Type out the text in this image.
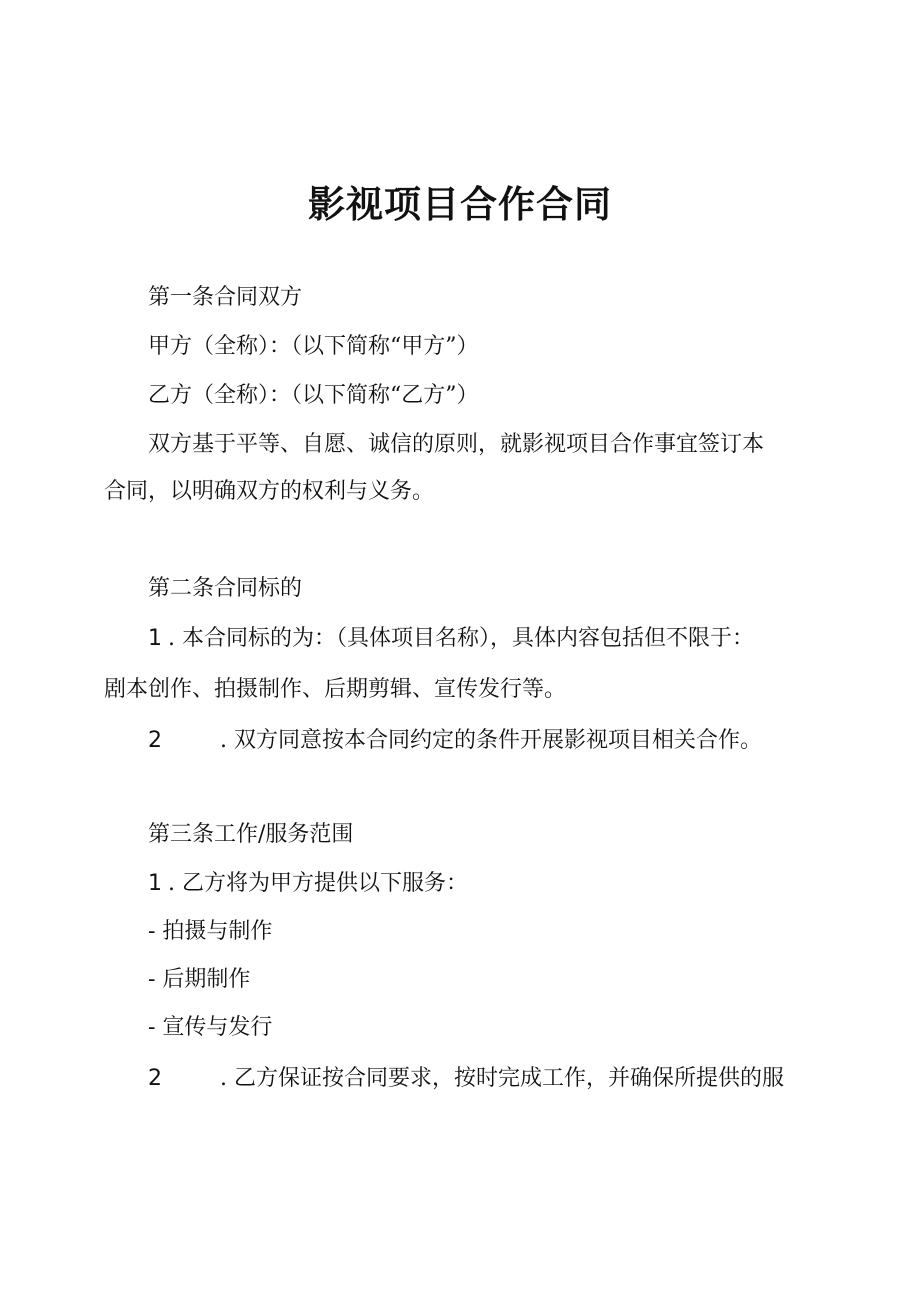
影视项目合作合同

第一条合同双方

甲方（全称）：（以下简称“甲方”）

乙方（全称）：（以下简称“乙方”）

双方基于平等、自愿、诚信的原则，就影视项目合作事宜签订本

合同，以明确双方的权利与义务。

第二条合同标的

1 . 本合同标的为：（具体项目名称），具体内容包括但不限于：

剧本创作、拍摄制作、后期剪辑、宣传发行等。

2	. 双方同意按本合同约定的条件开展影视项目相关合作。

第三条工作/服务范围

1 . 乙方将为甲方提供以下服务：

- 拍摄与制作

- 后期制作

- 宣传与发行

2	. 乙方保证按合同要求，按时完成工作，并确保所提供的服
